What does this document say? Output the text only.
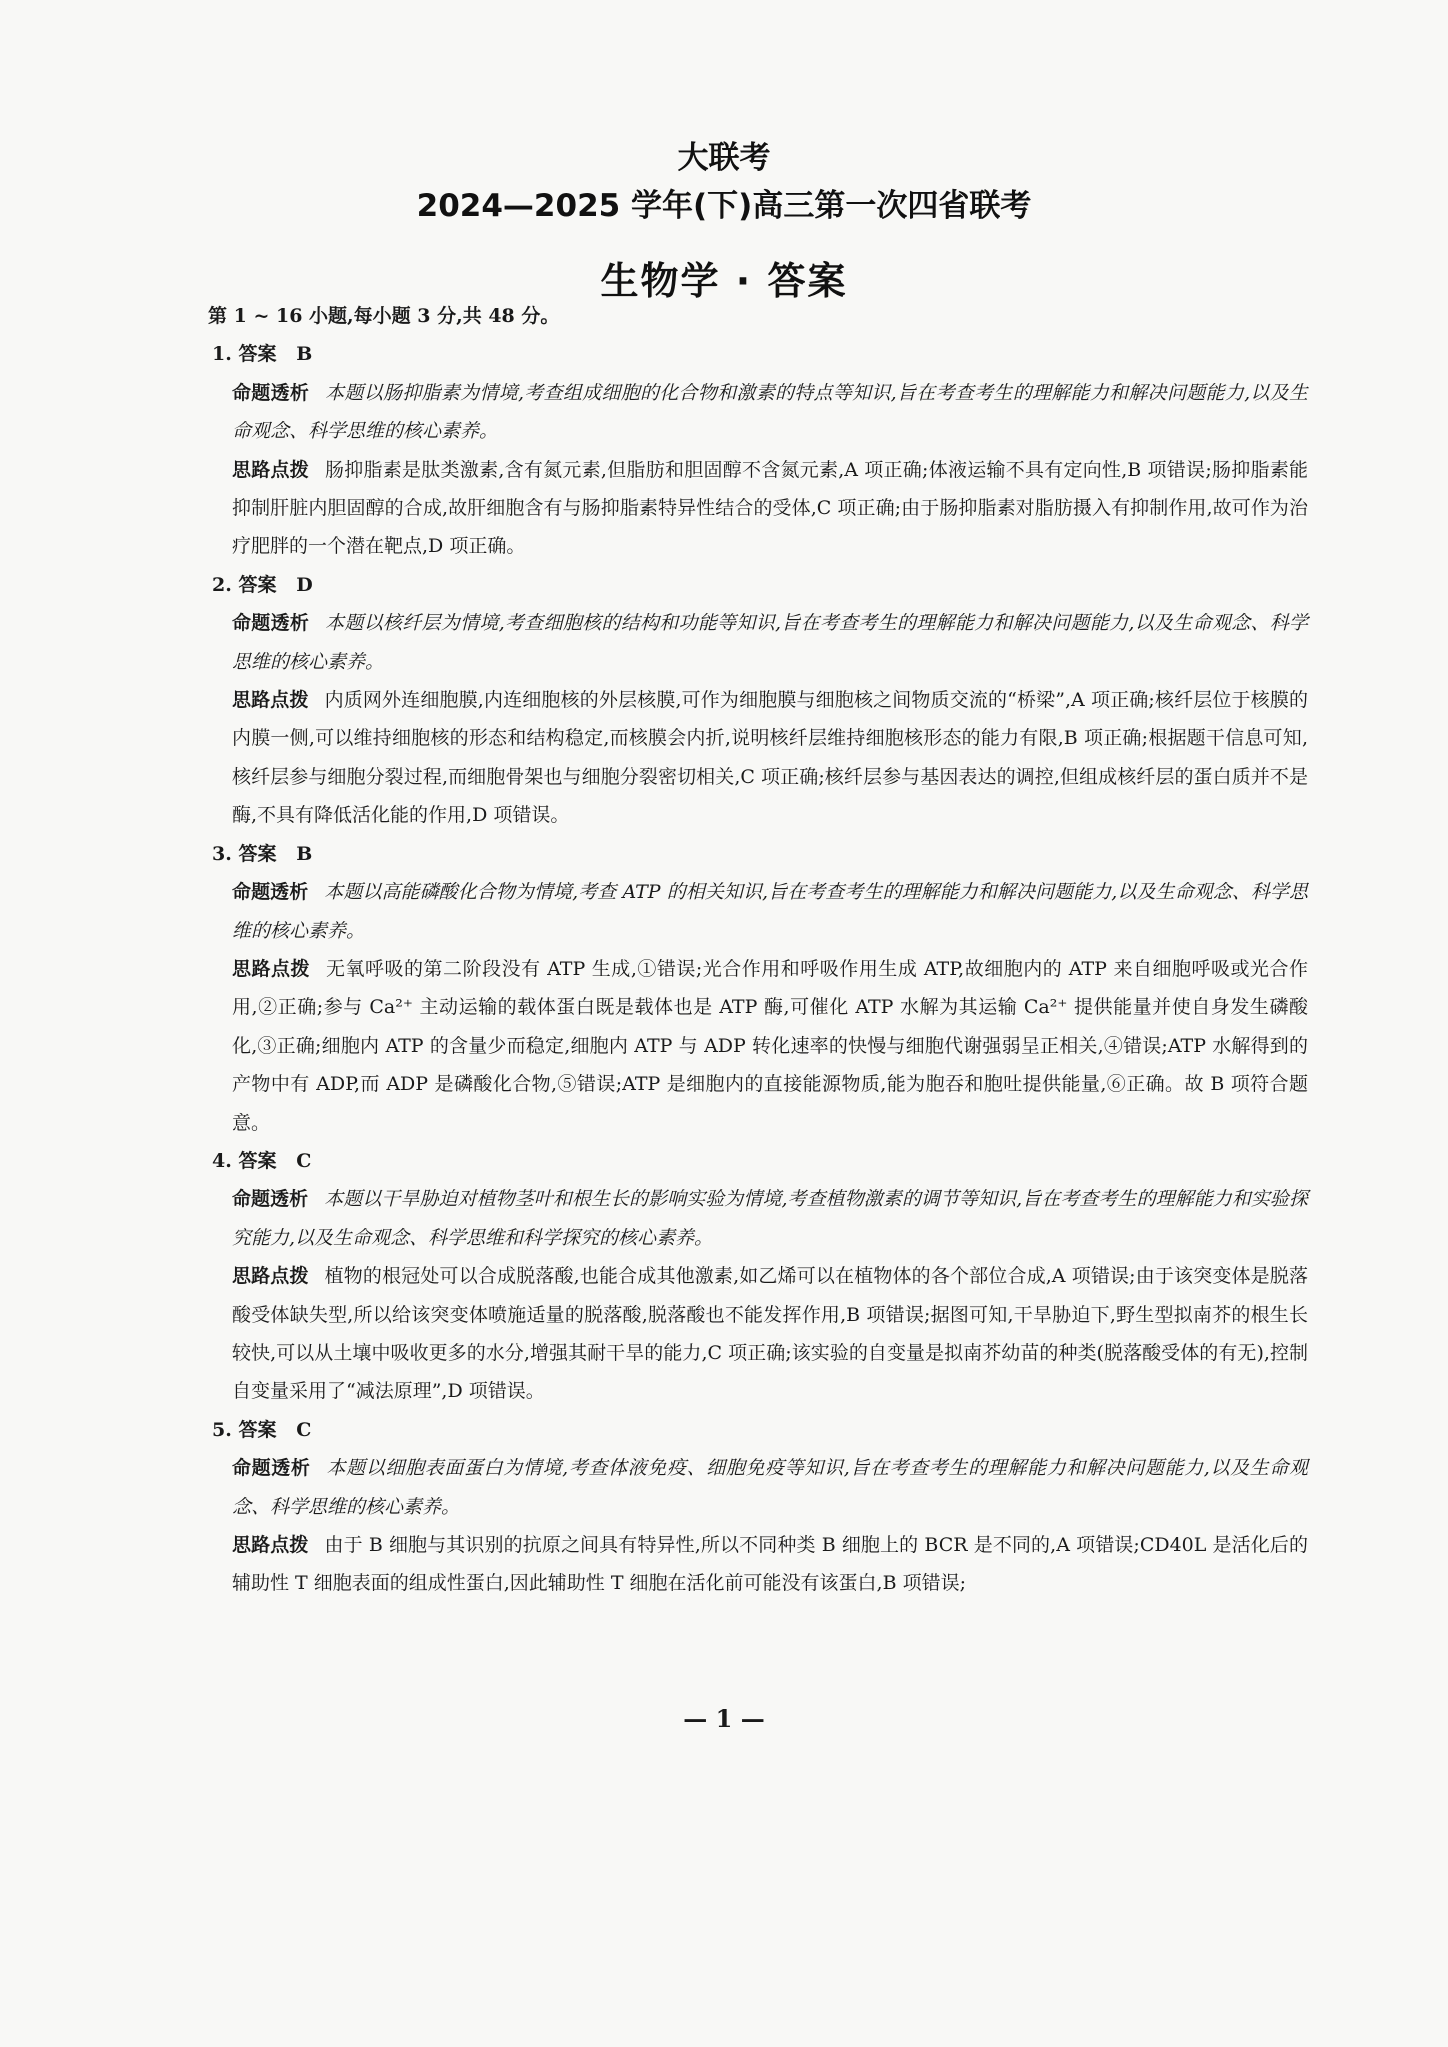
大联考
2024—2025 学年(下)高三第一次四省联考
生物学 · 答案
第 1 ~ 16 小题,每小题 3 分,共 48 分。
1. 答案   B
命题透析 本题以肠抑脂素为情境,考查组成细胞的化合物和激素的特点等知识,旨在考查考生的理解能力和解决问题能力,以及生命观念、科学思维的核心素养。
思路点拨 肠抑脂素是肽类激素,含有氮元素,但脂肪和胆固醇不含氮元素,A 项正确;体液运输不具有定向性,B 项错误;肠抑脂素能抑制肝脏内胆固醇的合成,故肝细胞含有与肠抑脂素特异性结合的受体,C 项正确;由于肠抑脂素对脂肪摄入有抑制作用,故可作为治疗肥胖的一个潜在靶点,D 项正确。
2. 答案   D
命题透析 本题以核纤层为情境,考查细胞核的结构和功能等知识,旨在考查考生的理解能力和解决问题能力,以及生命观念、科学思维的核心素养。
思路点拨 内质网外连细胞膜,内连细胞核的外层核膜,可作为细胞膜与细胞核之间物质交流的“桥梁”,A 项正确;核纤层位于核膜的内膜一侧,可以维持细胞核的形态和结构稳定,而核膜会内折,说明核纤层维持细胞核形态的能力有限,B 项正确;根据题干信息可知,核纤层参与细胞分裂过程,而细胞骨架也与细胞分裂密切相关,C 项正确;核纤层参与基因表达的调控,但组成核纤层的蛋白质并不是酶,不具有降低活化能的作用,D 项错误。
3. 答案   B
命题透析 本题以高能磷酸化合物为情境,考查 ATP 的相关知识,旨在考查考生的理解能力和解决问题能力,以及生命观念、科学思维的核心素养。
思路点拨 无氧呼吸的第二阶段没有 ATP 生成,①错误;光合作用和呼吸作用生成 ATP,故细胞内的 ATP 来自细胞呼吸或光合作用,②正确;参与 Ca²⁺ 主动运输的载体蛋白既是载体也是 ATP 酶,可催化 ATP 水解为其运输 Ca²⁺ 提供能量并使自身发生磷酸化,③正确;细胞内 ATP 的含量少而稳定,细胞内 ATP 与 ADP 转化速率的快慢与细胞代谢强弱呈正相关,④错误;ATP 水解得到的产物中有 ADP,而 ADP 是磷酸化合物,⑤错误;ATP 是细胞内的直接能源物质,能为胞吞和胞吐提供能量,⑥正确。故 B 项符合题意。
4. 答案   C
命题透析 本题以干旱胁迫对植物茎叶和根生长的影响实验为情境,考查植物激素的调节等知识,旨在考查考生的理解能力和实验探究能力,以及生命观念、科学思维和科学探究的核心素养。
思路点拨 植物的根冠处可以合成脱落酸,也能合成其他激素,如乙烯可以在植物体的各个部位合成,A 项错误;由于该突变体是脱落酸受体缺失型,所以给该突变体喷施适量的脱落酸,脱落酸也不能发挥作用,B 项错误;据图可知,干旱胁迫下,野生型拟南芥的根生长较快,可以从土壤中吸收更多的水分,增强其耐干旱的能力,C 项正确;该实验的自变量是拟南芥幼苗的种类(脱落酸受体的有无),控制自变量采用了“减法原理”,D 项错误。
5. 答案   C
命题透析 本题以细胞表面蛋白为情境,考查体液免疫、细胞免疫等知识,旨在考查考生的理解能力和解决问题能力,以及生命观念、科学思维的核心素养。
思路点拨 由于 B 细胞与其识别的抗原之间具有特异性,所以不同种类 B 细胞上的 BCR 是不同的,A 项错误;CD40L 是活化后的辅助性 T 细胞表面的组成性蛋白,因此辅助性 T 细胞在活化前可能没有该蛋白,B 项错误;
— 1 —
